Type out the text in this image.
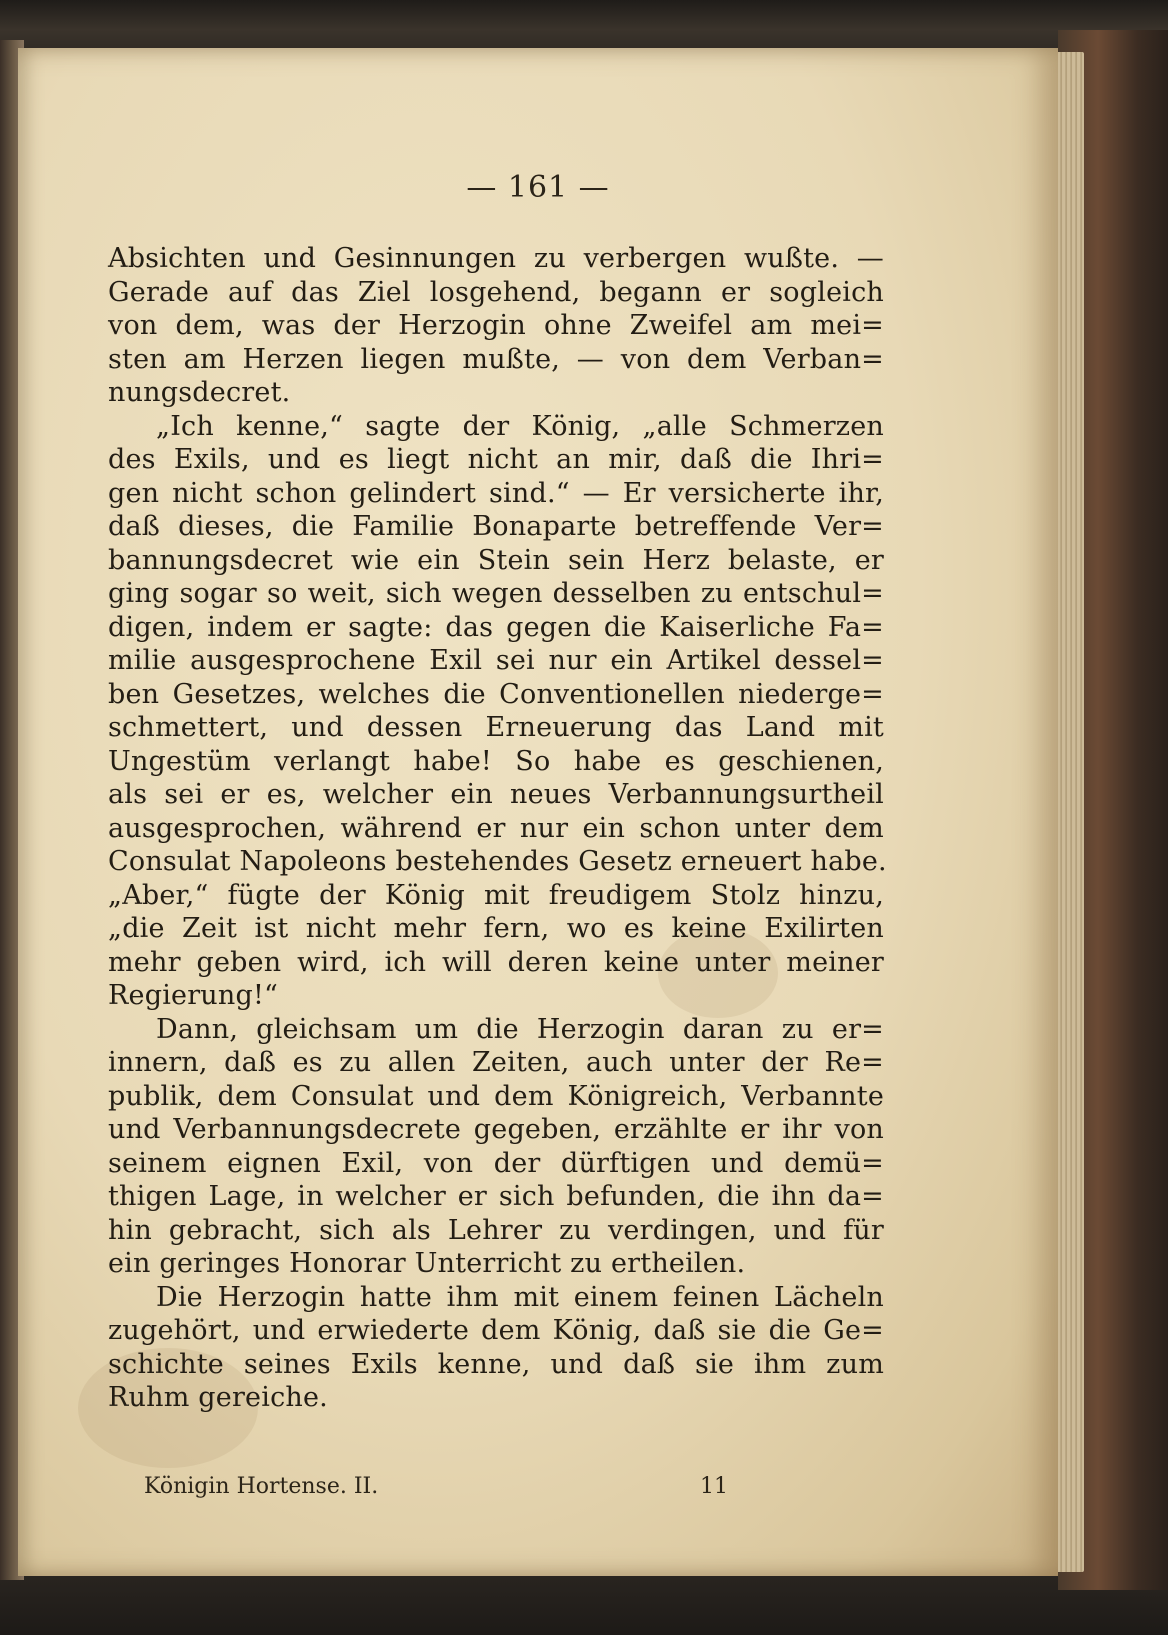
— 161 —
Absichten und Gesinnungen zu verbergen wußte. —
Gerade auf das Ziel losgehend, begann er sogleich
von dem, was der Herzogin ohne Zweifel am mei=
sten am Herzen liegen mußte, — von dem Verban=
nungsdecret.
„Ich kenne,“ sagte der König, „alle Schmerzen
des Exils, und es liegt nicht an mir, daß die Ihri=
gen nicht schon gelindert sind.“ — Er versicherte ihr,
daß dieses, die Familie Bonaparte betreffende Ver=
bannungsdecret wie ein Stein sein Herz belaste, er
ging sogar so weit, sich wegen desselben zu entschul=
digen, indem er sagte: das gegen die Kaiserliche Fa=
milie ausgesprochene Exil sei nur ein Artikel dessel=
ben Gesetzes, welches die Conventionellen niederge=
schmettert, und dessen Erneuerung das Land mit
Ungestüm verlangt habe! So habe es geschienen,
als sei er es, welcher ein neues Verbannungsurtheil
ausgesprochen, während er nur ein schon unter dem
Consulat Napoleons bestehendes Gesetz erneuert habe.
„Aber,“ fügte der König mit freudigem Stolz hinzu,
„die Zeit ist nicht mehr fern, wo es keine Exilirten
mehr geben wird, ich will deren keine unter meiner
Regierung!“
Dann, gleichsam um die Herzogin daran zu er=
innern, daß es zu allen Zeiten, auch unter der Re=
publik, dem Consulat und dem Königreich, Verbannte
und Verbannungsdecrete gegeben, erzählte er ihr von
seinem eignen Exil, von der dürftigen und demü=
thigen Lage, in welcher er sich befunden, die ihn da=
hin gebracht, sich als Lehrer zu verdingen, und für
ein geringes Honorar Unterricht zu ertheilen.
Die Herzogin hatte ihm mit einem feinen Lächeln
zugehört, und erwiederte dem König, daß sie die Ge=
schichte seines Exils kenne, und daß sie ihm zum
Ruhm gereiche.
Königin Hortense. II.	11
